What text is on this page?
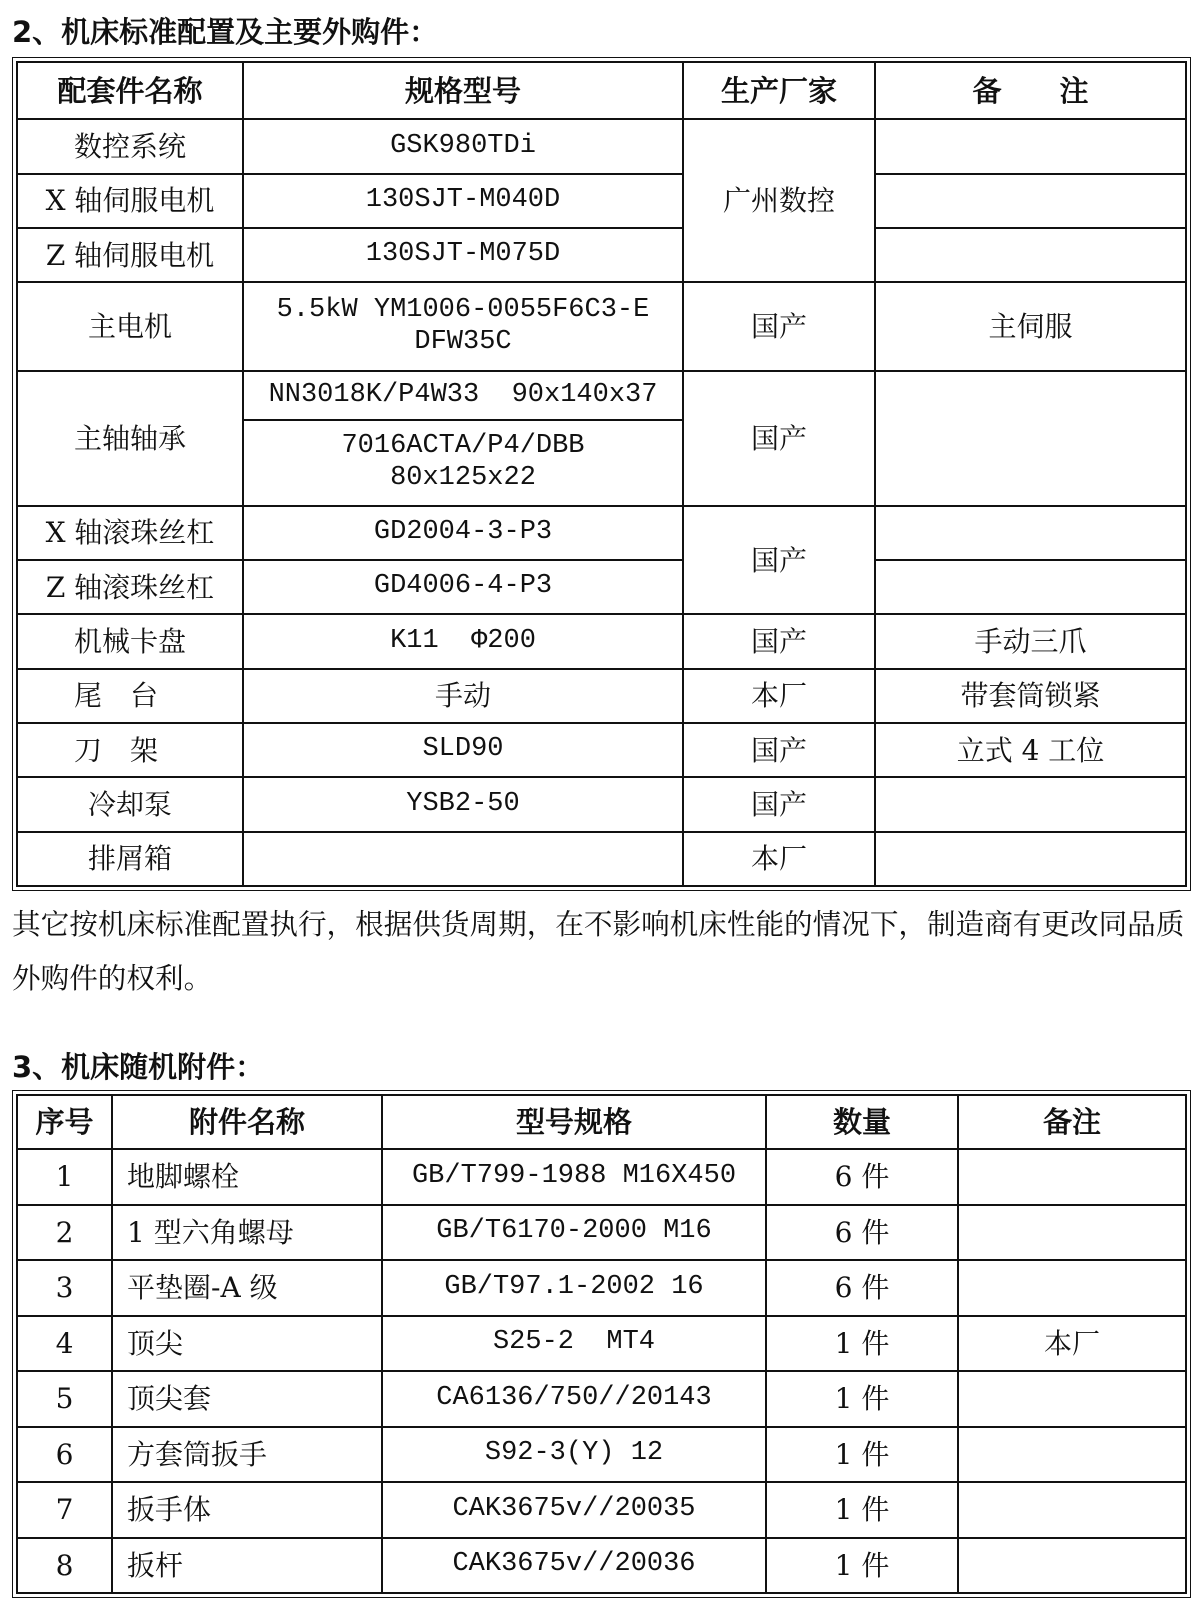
2、机床标准配置及主要外购件：
配套件名称	规格型号	生产厂家	备　　注
数控系统	GSK980TDi	广州数控	
X 轴伺服电机	130SJT-M040D		
Z 轴伺服电机	130SJT-M075D		
主电机	5.5kW YM1006-0055F6C3-EDFW35C	国产	主伺服
主轴轴承	NN3018K/P4W33  90x140x37	国产	
	7016ACTA/P4/DBB 80x125x22		
X 轴滚珠丝杠	GD2004-3-P3	国产	
Z 轴滚珠丝杠	GD4006-4-P3		
机械卡盘	K11  Φ200	国产	手动三爪
尾台	手动	本厂	带套筒锁紧
刀架	SLD90	国产	立式 4 工位
冷却泵	YSB2-50	国产	
排屑箱		本厂	
其它按机床标准配置执行，根据供货周期，在不影响机床性能的情况下，制造商有更改同品质外购件的权利。
3、机床随机附件：
序号	附件名称	型号规格	数量	备注
1	地脚螺栓	GB/T799-1988 M16X450	6 件	
2	1 型六角螺母	GB/T6170-2000 M16	6 件	
3	平垫圈-A 级	GB/T97.1-2002 16	6 件	
4	顶尖	S25-2  MT4	1 件	本厂
5	顶尖套	CA6136/750//20143	1 件	
6	方套筒扳手	S92-3(Y) 12	1 件	
7	扳手体	CAK3675v//20035	1 件	
8	扳杆	CAK3675v//20036	1 件	
